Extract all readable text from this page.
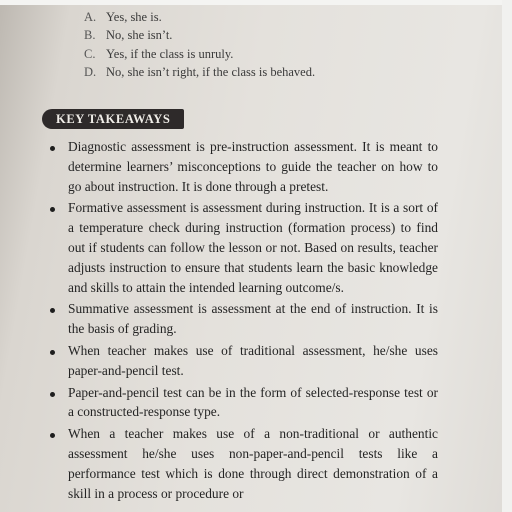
A. Yes, she is.
B. No, she isn’t.
C. Yes, if the class is unruly.
D. No, she isn’t right, if the class is behaved.
KEY TAKEAWAYS
Diagnostic assessment is pre-instruction assessment. It is meant to determine learners’ misconceptions to guide the teacher on how to go about instruction. It is done through a pretest.
Formative assessment is assessment during instruction. It is a sort of a temperature check during instruction (formation process) to find out if students can follow the lesson or not. Based on results, teacher adjusts instruction to ensure that students learn the basic knowledge and skills to attain the intended learning outcome/s.
Summative assessment is assessment at the end of instruction. It is the basis of grading.
When teacher makes use of traditional assessment, he/she uses paper-and-pencil test.
Paper-and-pencil test can be in the form of selected-response test or a constructed-response type.
When a teacher makes use of a non-traditional or authentic assessment he/she uses non-paper-and-pencil tests like a performance test which is done through direct demonstration of a skill in a process or procedure or
